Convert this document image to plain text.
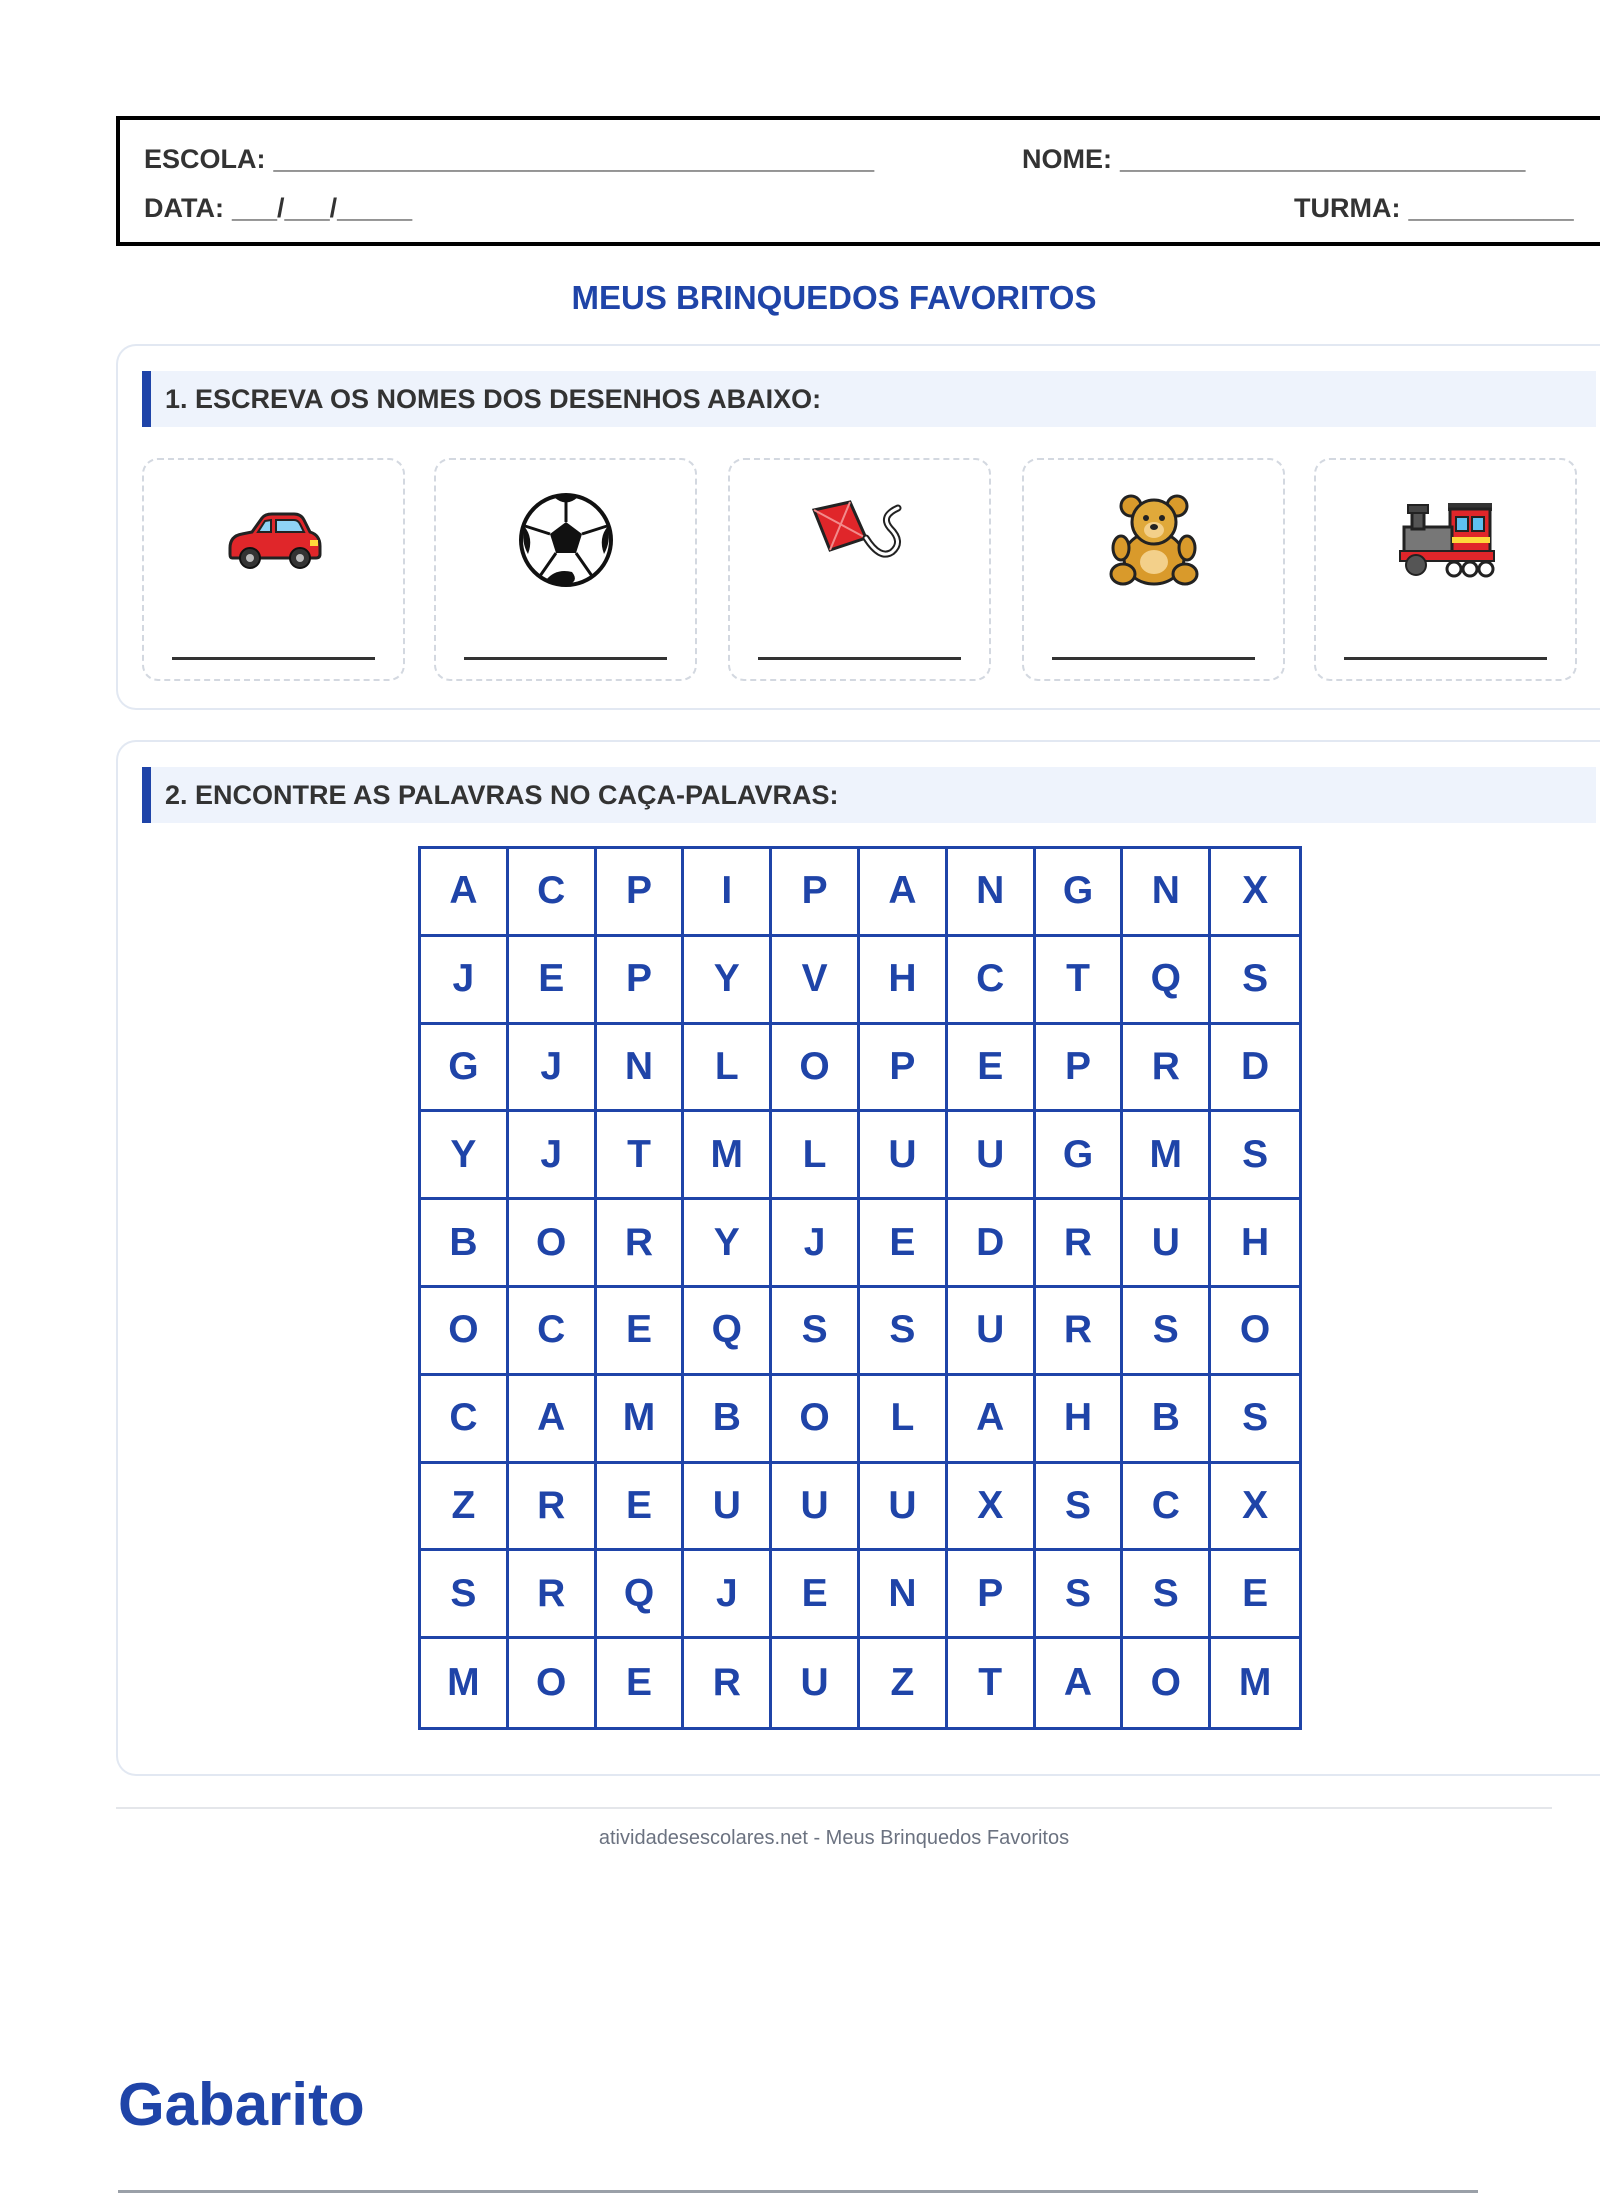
ESCOLA: ________________________________________	NOME: ___________________________
DATA: ___/___/_____	TURMA: ___________
MEUS BRINQUEDOS FAVORITOS
1. ESCREVA OS NOMES DOS DESENHOS ABAIXO:
2. ENCONTRE AS PALAVRAS NO CAÇA-PALAVRAS:
A	C	P	I	P	A	N	G	N	X
J	E	P	Y	V	H	C	T	Q	S
G	J	N	L	O	P	E	P	R	D
Y	J	T	M	L	U	U	G	M	S
B	O	R	Y	J	E	D	R	U	H
O	C	E	Q	S	S	U	R	S	O
C	A	M	B	O	L	A	H	B	S
Z	R	E	U	U	U	X	S	C	X
S	R	Q	J	E	N	P	S	S	E
M	O	E	R	U	Z	T	A	O	M
atividadesescolares.net - Meus Brinquedos Favoritos
Gabarito
